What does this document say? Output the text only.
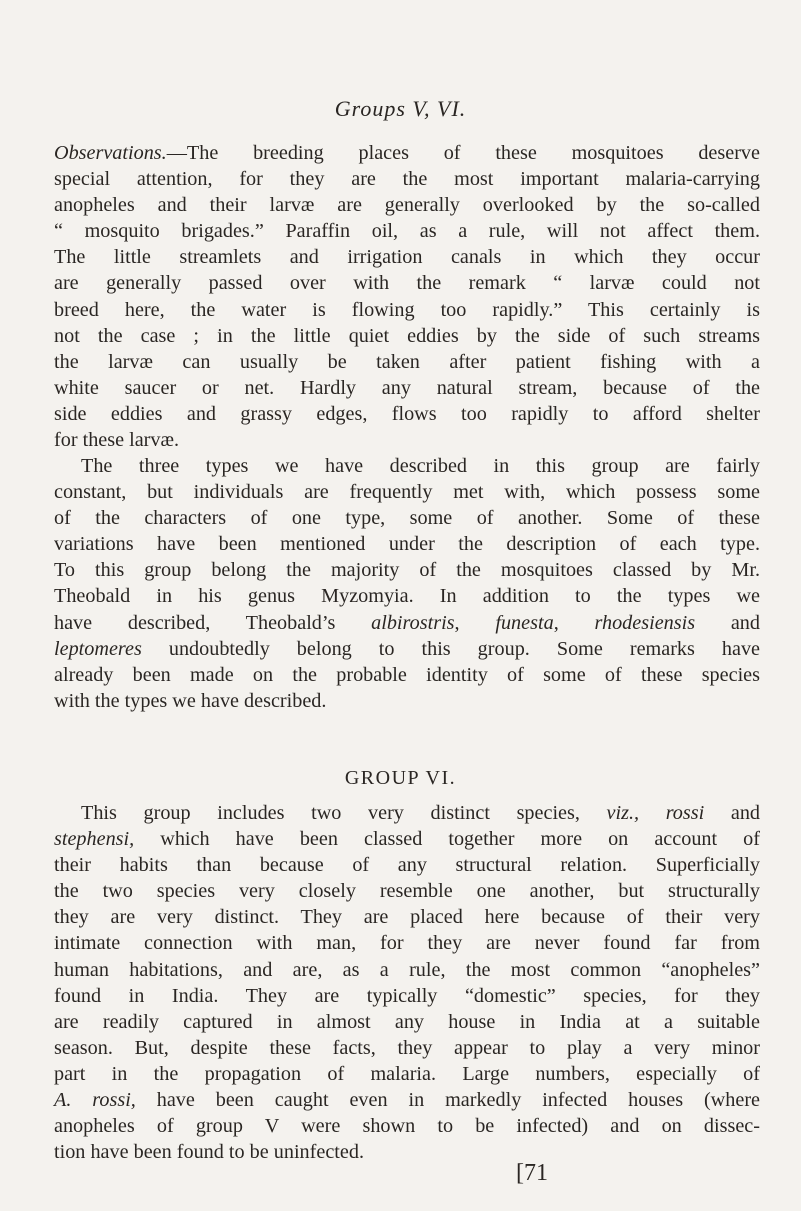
Groups V, VI.
Observations.—The breeding places of these mosquitoes deserve
special attention, for they are the most important malaria-carrying
anopheles and their larvæ are generally overlooked by the so-called
“ mosquito brigades.” Paraffin oil, as a rule, will not affect them.
The little streamlets and irrigation canals in which they occur
are generally passed over with the remark “ larvæ could not
breed here, the water is flowing too rapidly.” This certainly is
not the case ; in the little quiet eddies by the side of such streams
the larvæ can usually be taken after patient fishing with a
white saucer or net. Hardly any natural stream, because of the
side eddies and grassy edges, flows too rapidly to afford shelter
for these larvæ.
The three types we have described in this group are fairly
constant, but individuals are frequently met with, which possess some
of the characters of one type, some of another. Some of these
variations have been mentioned under the description of each type.
To this group belong the majority of the mosquitoes classed by Mr.
Theobald in his genus Myzomyia. In addition to the types we
have described, Theobald’s albirostris, funesta, rhodesiensis and
leptomeres undoubtedly belong to this group. Some remarks have
already been made on the probable identity of some of these species
with the types we have described.
GROUP VI.
This group includes two very distinct species, viz., rossi and
stephensi, which have been classed together more on account of
their habits than because of any structural relation. Superficially
the two species very closely resemble one another, but structurally
they are very distinct. They are placed here because of their very
intimate connection with man, for they are never found far from
human habitations, and are, as a rule, the most common “anopheles”
found in India. They are typically “domestic” species, for they
are readily captured in almost any house in India at a suitable
season. But, despite these facts, they appear to play a very minor
part in the propagation of malaria. Large numbers, especially of
A. rossi, have been caught even in markedly infected houses (where
anopheles of group V were shown to be infected) and on dissec-
tion have been found to be uninfected.
[71
